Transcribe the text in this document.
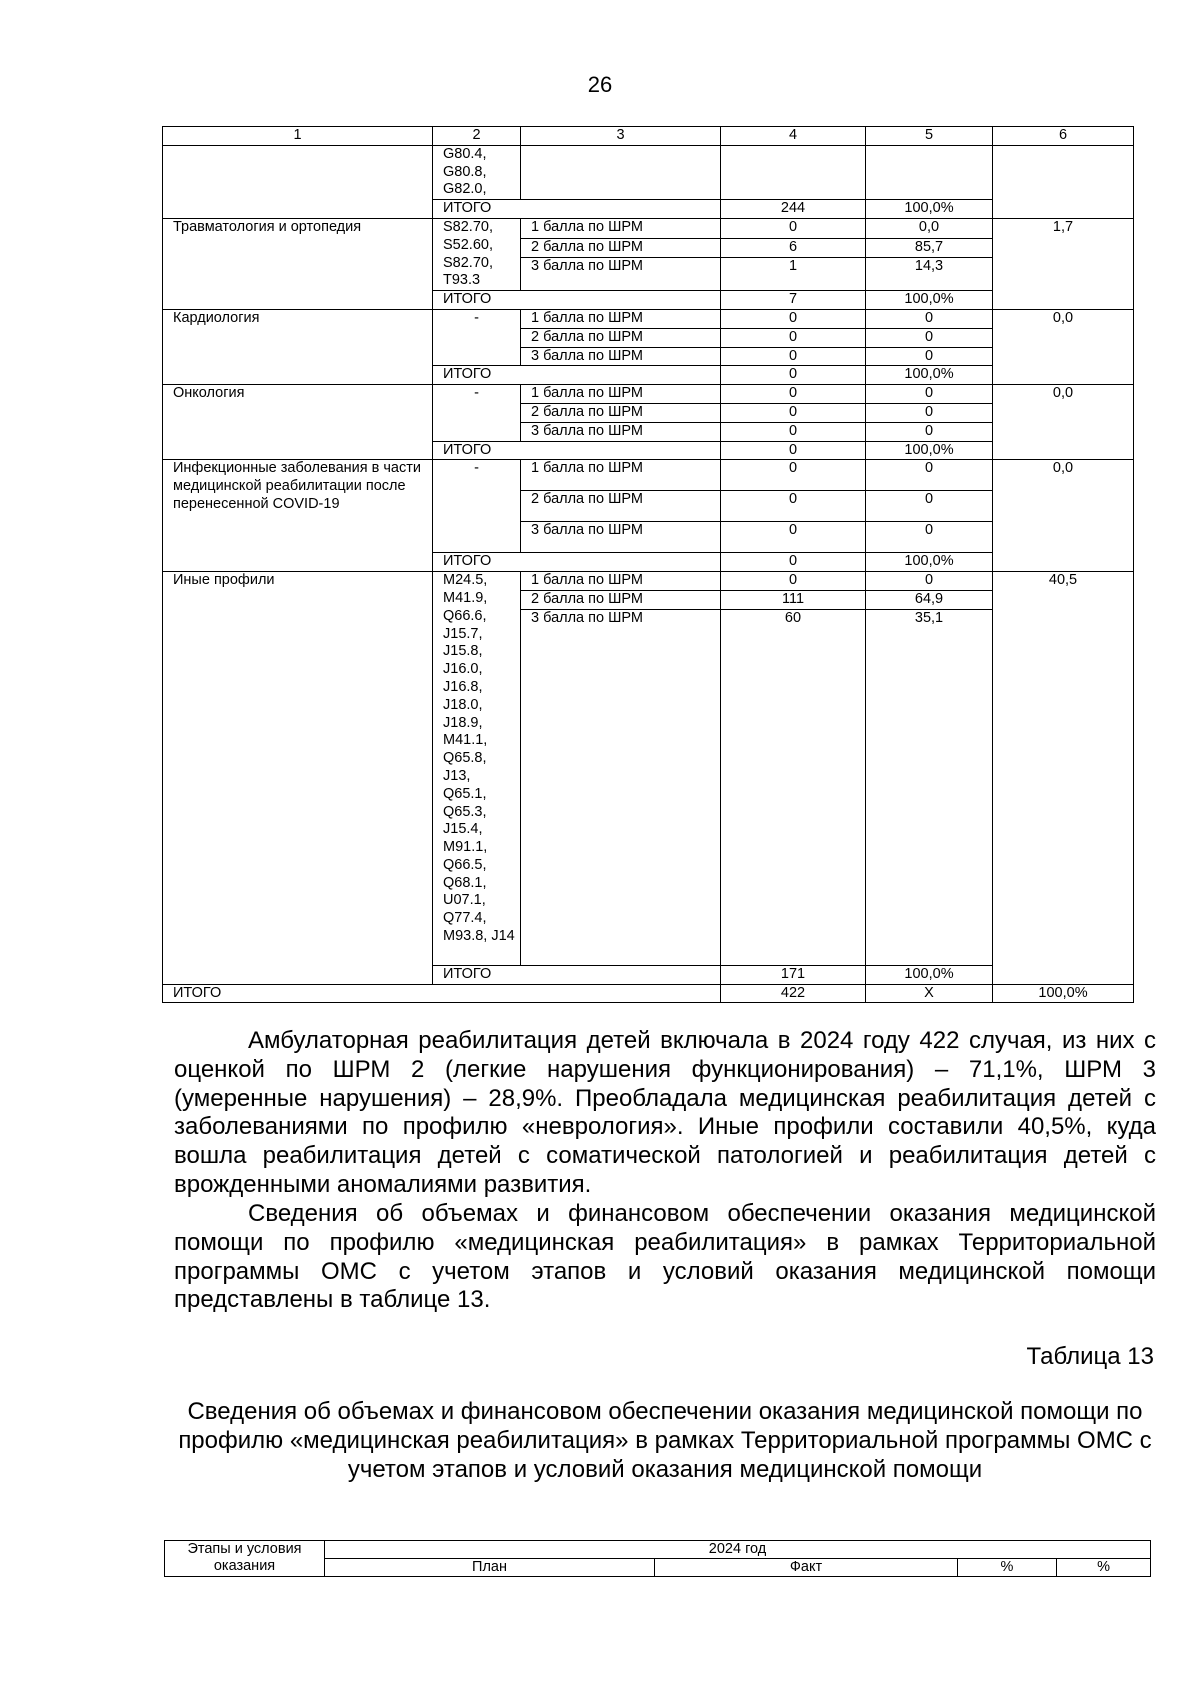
26
1	2	3	4	5	6
	G80.4, G80.8, G82.0,				
	ИТОГО		244	100,0%	
Травматология и ортопедия	S82.70, S52.60, S82.70, T93.3	1 балла по ШРМ	0	0,0	1,7
		2 балла по ШРМ	6	85,7	
		3 балла по ШРМ	1	14,3	
	ИТОГО		7	100,0%	
Кардиология	-	1 балла по ШРМ	0	0	0,0
		2 балла по ШРМ	0	0	
		3 балла по ШРМ	0	0	
	ИТОГО		0	100,0%	
Онкология	-	1 балла по ШРМ	0	0	0,0
		2 балла по ШРМ	0	0	
		3 балла по ШРМ	0	0	
	ИТОГО		0	100,0%	
Инфекционные заболевания в части медицинской реабилитации после перенесенной COVID-19	-	1 балла по ШРМ	0	0	0,0
		2 балла по ШРМ	0	0	
		3 балла по ШРМ	0	0	
	ИТОГО		0	100,0%	
Иные профили	M24.5, M41.9, Q66.6, J15.7, J15.8, J16.0, J16.8, J18.0, J18.9, M41.1, Q65.8, J13, Q65.1, Q65.3, J15.4, M91.1, Q66.5, Q68.1, U07.1, Q77.4, M93.8, J14	1 балла по ШРМ	0	0	40,5
		2 балла по ШРМ	111	64,9	
		3 балла по ШРМ	60	35,1	
	ИТОГО		171	100,0%	
ИТОГО			422	Х	100,0%

Амбулаторная реабилитация детей включала в 2024 году 422 случая, из них с оценкой по ШРМ 2 (легкие нарушения функционирования) – 71,1%, ШРМ 3 (умеренные нарушения) – 28,9%. Преобладала медицинская реабилитация детей с заболеваниями по профилю «неврология». Иные профили составили 40,5%, куда вошла реабилитация детей с соматической патологией и реабилитация детей с врожденными аномалиями развития.

Сведения об объемах и финансовом обеспечении оказания медицинской помощи по профилю «медицинская реабилитация» в рамках Территориальной программы ОМС с учетом этапов и условий оказания медицинской помощи представлены в таблице 13.

Таблица 13
Сведения об объемах и финансовом обеспечении оказания медицинской помощи по профилю «медицинская реабилитация» в рамках Территориальной программы ОМС с учетом этапов и условий оказания медицинской помощи
Этапы и условия оказания	2024 год			
	План	Факт	%	%
